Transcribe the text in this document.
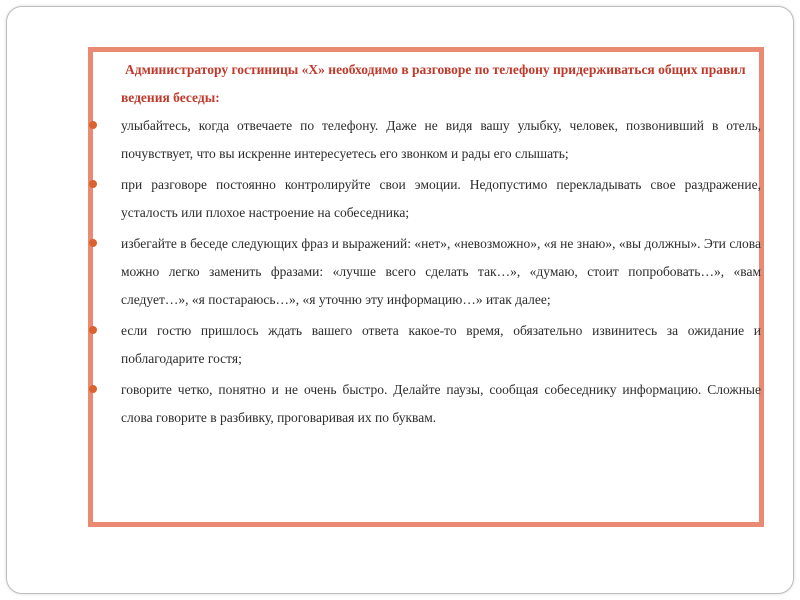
Администратору гостиницы «Х» необходимо в разговоре по телефону придерживаться общих правил ведения беседы:

улыбайтесь, когда отвечаете по телефону. Даже не видя вашу улыбку, человек, позвонивший в отель, почувствует, что вы искренне интересуетесь его звонком и рады его слышать;
при разговоре постоянно контролируйте свои эмоции. Недопустимо перекладывать свое раздражение, усталость или плохое настроение на собеседника;
избегайте в беседе следующих фраз и выражений: «нет», «невозможно», «я не знаю», «вы должны». Эти слова можно легко заменить фразами: «лучше всего сделать так…», «думаю, стоит попробовать…», «вам следует…», «я постараюсь…», «я уточню эту информацию…» итак далее;
если гостю пришлось ждать вашего ответа какое-то время, обязательно извинитесь за ожидание и поблагодарите гостя;
говорите четко, понятно и не очень быстро. Делайте паузы, сообщая собеседнику информацию. Сложные слова говорите в разбивку, проговаривая их по буквам.
